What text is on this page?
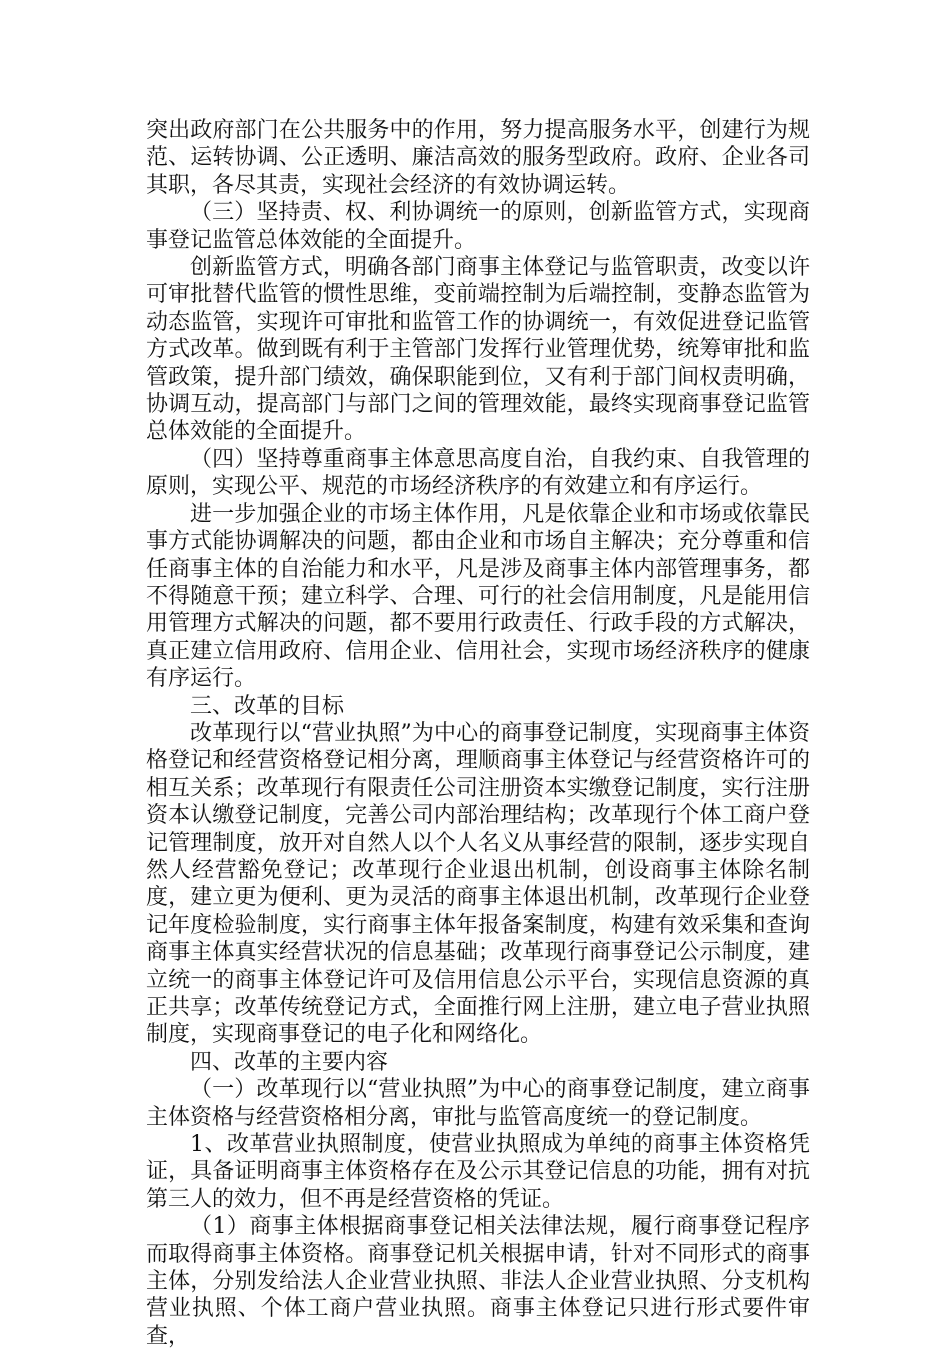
突出政府部门在公共服务中的作用，努力提高服务水平，创建行为规范、运转协调、公正透明、廉洁高效的服务型政府。政府、企业各司其职，各尽其责，实现社会经济的有效协调运转。

（三）坚持责、权、利协调统一的原则，创新监管方式，实现商事登记监管总体效能的全面提升。

创新监管方式，明确各部门商事主体登记与监管职责，改变以许可审批替代监管的惯性思维，变前端控制为后端控制，变静态监管为动态监管，实现许可审批和监管工作的协调统一，有效促进登记监管方式改革。做到既有利于主管部门发挥行业管理优势，统筹审批和监管政策，提升部门绩效，确保职能到位，又有利于部门间权责明确，协调互动，提高部门与部门之间的管理效能，最终实现商事登记监管总体效能的全面提升。

（四）坚持尊重商事主体意思高度自治，自我约束、自我管理的原则，实现公平、规范的市场经济秩序的有效建立和有序运行。

进一步加强企业的市场主体作用，凡是依靠企业和市场或依靠民事方式能协调解决的问题，都由企业和市场自主解决；充分尊重和信任商事主体的自治能力和水平，凡是涉及商事主体内部管理事务，都不得随意干预；建立科学、合理、可行的社会信用制度，凡是能用信用管理方式解决的问题，都不要用行政责任、行政手段的方式解决，真正建立信用政府、信用企业、信用社会，实现市场经济秩序的健康有序运行。

三、改革的目标

改革现行以“营业执照”为中心的商事登记制度，实现商事主体资格登记和经营资格登记相分离，理顺商事主体登记与经营资格许可的相互关系；改革现行有限责任公司注册资本实缴登记制度，实行注册资本认缴登记制度，完善公司内部治理结构；改革现行个体工商户登记管理制度，放开对自然人以个人名义从事经营的限制，逐步实现自然人经营豁免登记；改革现行企业退出机制，创设商事主体除名制度，建立更为便利、更为灵活的商事主体退出机制，改革现行企业登记年度检验制度，实行商事主体年报备案制度，构建有效采集和查询商事主体真实经营状况的信息基础；改革现行商事登记公示制度，建立统一的商事主体登记许可及信用信息公示平台，实现信息资源的真正共享；改革传统登记方式，全面推行网上注册，建立电子营业执照制度，实现商事登记的电子化和网络化。

四、改革的主要内容

（一）改革现行以“营业执照”为中心的商事登记制度，建立商事主体资格与经营资格相分离，审批与监管高度统一的登记制度。

1、改革营业执照制度，使营业执照成为单纯的商事主体资格凭证，具备证明商事主体资格存在及公示其登记信息的功能，拥有对抗第三人的效力，但不再是经营资格的凭证。

（1）商事主体根据商事登记相关法律法规，履行商事登记程序而取得商事主体资格。商事登记机关根据申请，针对不同形式的商事主体，分别发给法人企业营业执照、非法人企业营业执照、分支机构营业执照、个体工商户营业执照。商事主体登记只进行形式要件审查，
